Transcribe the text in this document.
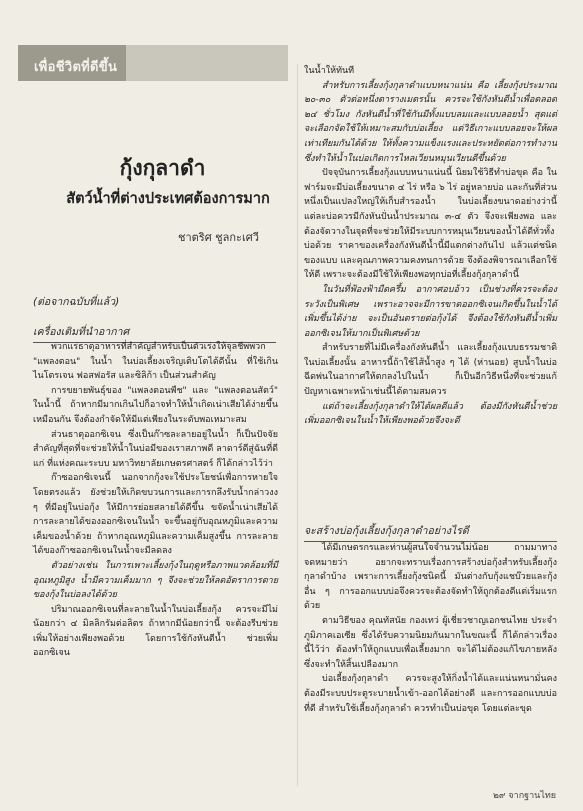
เพื่อชีวิตที่ดีขึ้น
กุ้งกุลาดำ
สัตว์น้ำที่ต่างประเทศต้องการมาก
ชาตริศ ชูลกะเศวี
(ต่อจากฉบับที่แล้ว)
เครื่องเติมที่นำอากาศ

พวกแร่ธาตุอาหารที่สำคัญสำหรับเป็นตัวเร่งให้จุลชีพพวก "แพลงตอน" ในน้ำ ในบ่อเลี้ยงเจริญเติบโตได้ดีนั้น ที่ใช้เกินไนโตรเจน ฟอสฟอรัส และซิลิก้า เป็นส่วนสำคัญ

การขยายพันธุ์ของ "แพลงตอนพืช" และ "แพลงตอนสัตว์" ในน้ำนี้ ถ้าหากมีมากเกินไปก็อาจทำให้น้ำเกิดเน่าเสียได้ง่ายขึ้น เหมือนกัน จึงต้องกำจัดให้มีแต่เพียงในระดับพอเหมาะสม

ส่วนธาตุออกซิเจน ซึ่งเป็นก๊าซละลายอยู่ในน้ำ ก็เป็นปัจจัยสำคัญที่สุดที่จะช่วยให้น้ำในบ่อมีของเราสภาพดี ลาดาร์ดีสู่ฉันที่ดีแก่ ที่แห่งคณะระบบ มหาวิทยาลัยเกษตรศาสตร์ ก็ได้กล่าวไว้ว่า

ก๊าซออกซิเจนนี้ นอกจากกุ้งจะใช้ประโยชน์เพื่อการหายใจโดยตรงแล้ว ยังช่วยให้เกิดขบวนการและการกลึงรับน้ำกล่าวงง ๆ ที่มีอยู่ในบ่อกุ้ง ให้มีการย่อยสลายได้ดีขึ้น ขจัดน้ำเน่าเสียได้ การละลายได้ของออกซิเจนในน้ำ จะขึ้นอยู่กับอุณหภูมิและความเค็มของน้ำด้วย ถ้าหากอุณหภูมิและความเค็มสูงขึ้น การละลายได้ของก๊าซออกซิเจนในน้ำจะมีลดลง

ตัวอย่างเช่น ในการเพาะเลี้ยงกุ้งในฤดูหรือภาพแวดล้อมที่มีอุณหภูมิสูง น้ำมีความเค็มมาก ๆ จึงจะช่วยให้ลดอัตราการตายของกุ้งในบ่อลงได้ด้วย

ปริมาณออกซิเจนที่ละลายในน้ำในบ่อเลี้ยงกุ้ง ควรจะมีไม่น้อยกว่า ๔ มิลลิกรัมต่อลิตร ถ้าหากมีน้อยกว่านี้ จะต้องรีบช่วยเพิ่มให้อย่างเพียงพอด้วย โดยการใช้กังหันตีน้ำ ช่วยเพิ่มออกซิเจน

ในน้ำให้ทันที

สำหรับการเลี้ยงกุ้งกุลาดำแบบหนาแน่น คือ เลี้ยงกุ้งประมาณ ๒๐-๓๐ ตัวต่อหนึ่งตารางเมตรนั้น ควรจะใช้กังหันตีน้ำเพื่อตลอด ๒๔ ชั่วโมง กังหันตีน้ำที่ใช้กันมีทั้งแบบลมและแบบลอยน้ำ สุดแต่จะเลือกจัดใช้ให้เหมาะสมกับบ่อเลี้ยง แต่วิธีเกาะแบบลอยจะให้ผลเท่าเทียมกันได้ด้วย ให้ทั้งความแข็งแรงและประหยัดต่อการทำงานซึ่งทำให้น้ำในบ่อเกิดการไหลเวียนหมุนเวียนดีขึ้นด้วย

ปัจจุบันการเลี้ยงกุ้งแบบหนาแน่นนี้ นิยมใช้วิธีทำบ่อขุด คือ ในฟาร์มจะมีบ่อเลี้ยงขนาด ๔ ไร่ หรือ ๖ ไร่ อยู่หลายบ่อ และกันที่ส่วนหนึ่งเป็นแปลงใหญ่ให้เก็บสำรองน้ำ ในบ่อเลี้ยงขนาดอย่างว่านี้ แต่ละบ่อควรมีกังหันปั่นน้ำประมาณ ๓-๔ ตัว จึงจะเพียงพอ และต้องจัดวางในจุดที่จะช่วยให้มีระบบการหมุนเวียนของน้ำได้ดีทั่วทั้งบ่อด้วย ราคาของเครื่องกังหันตีน้ำนี้มีแตกต่างกันไป แล้วแต่ชนิดของแบบ และคุณภาพความคงทนการด้วย จึงต้องพิจารณาเลือกใช้ให้ดี เพราะจะต้องมีใช้ให้เพียงพอทุกบ่อที่เลี้ยงกุ้งกุลาดำนี้

ในวันที่ฟ้องฟ้ามืดครึ้ม อากาศอบอ้าว เป็นช่วงที่ควรจะต้องระวังเป็นพิเศษ เพราะอาจจะมีการขาดออกซิเจนเกิดขึ้นในน้ำได้ เพิ่มขึ้นได้ง่าย จะเป็นอันตรายต่อกุ้งได้ จึงต้องใช้กังหันตีน้ำเพิ่มออกซิเจนให้มากเป็นพิเศษด้วย

สำหรับรายที่ไม่มีเครื่องกังหันตีน้ำ และเลี้ยงกุ้งแบบธรรมชาติในบ่อเลี้ยงนั้น อาหารนี้ถ้าใช้ไส้น้ำสูง ๆ ได้ (ห่านอย) สูบน้ำในบ่อฉีดพ่นในอากาศให้ตกลงไปในน้ำ ก็เป็นอีกวิธีหนึ่งที่จะช่วยแก้ปัญหาเฉพาะหน้าเช่นนี้ได้ตามสมควร

แต่ถ้าจะเลี้ยงกุ้งกุลาดำให้ได้ผลดีแล้ว ต้องมีกังหันตีน้ำช่วยเพิ่มออกซิเจนในน้ำให้เพียงพอด้วยจึงจะดี

จะสร้างบ่อกุ้งเลี้ยงกุ้งกุลาดำอย่างไรดี

ได้มีเกษตรกรและท่านผู้สนใจจำนวนไม่น้อย ถามมาทางจดหมายว่า อยากจะทราบเรื่องการสร้างบ่อกุ้งสำหรับเลี้ยงกุ้งกุลาดำบ้าง เพราะการเลี้ยงกุ้งชนิดนี้ มันต่างกับกุ้งแชบ๊วยและกุ้งอื่น ๆ การออกแบบบ่อจึงควรจะต้องจัดทำให้ถูกต้องดีแต่เริ่มแรกด้วย

ตามวิธีของ คุณทัสนัย กองเทว่ ผู้เชี่ยวชาญเอกชนไทย ประจำภูมิภาคเอเซีย ซึ่งได้รับความนิยมกันมากในขณะนี้ ก็ได้กล่าวเรื่องนี้ไว้ว่า ต้องทำให้ถูกแบบเพื่อเลี้ยงมาก จะได้ไม่ต้องแก้ไขภายหลัง ซึ่งจะทำให้สิ้นเปลืองมาก

บ่อเลี้ยงกุ้งกุลาดำ ควรจะสูงให้กิ่งน้ำได้และแน่นหนามั่นคง ต้องมีระบบประตูระบายน้ำเข้า-ออกได้อย่างดี และการออกแบบบ่อที่ดี สำหรับใช้เลี้ยงกุ้งกุลาดำ ควรทำเป็นบ่อขุด โดยแต่ละขุด

๒๙ จากฐานไทย
